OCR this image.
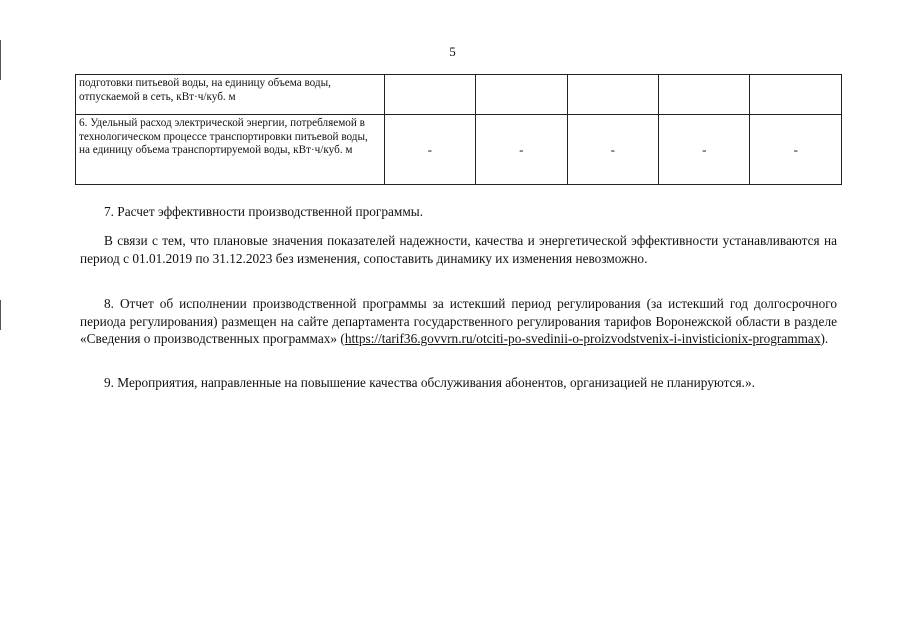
5
подготовки питьевой воды, на единицу объема воды, отпускаемой в сеть, кВт·ч/куб. м					
6. Удельный расход электрической энергии, потребляемой в технологическом процессе транспортировки питьевой воды, на единицу объема транспортируемой воды, кВт·ч/куб. м	-	-	-	-	-

7. Расчет эффективности производственной программы.

В связи с тем, что плановые значения показателей надежности, качества и энергетической эффективности устанавливаются на период с 01.01.2019 по 31.12.2023 без изменения, сопоставить динамику их изменения невозможно.

8. Отчет об исполнении производственной программы за истекший период регулирования (за истекший год долгосрочного периода регулирования) размещен на сайте департамента государственного регулирования тарифов Воронежской области в разделе «Сведения о производственных программах» (https://tarif36.govvrn.ru/otciti-po-svedinii-o-proizvodstvenix-i-invisticionix-programmax).

9. Мероприятия, направленные на повышение качества обслуживания абонентов, организацией не планируются.».
